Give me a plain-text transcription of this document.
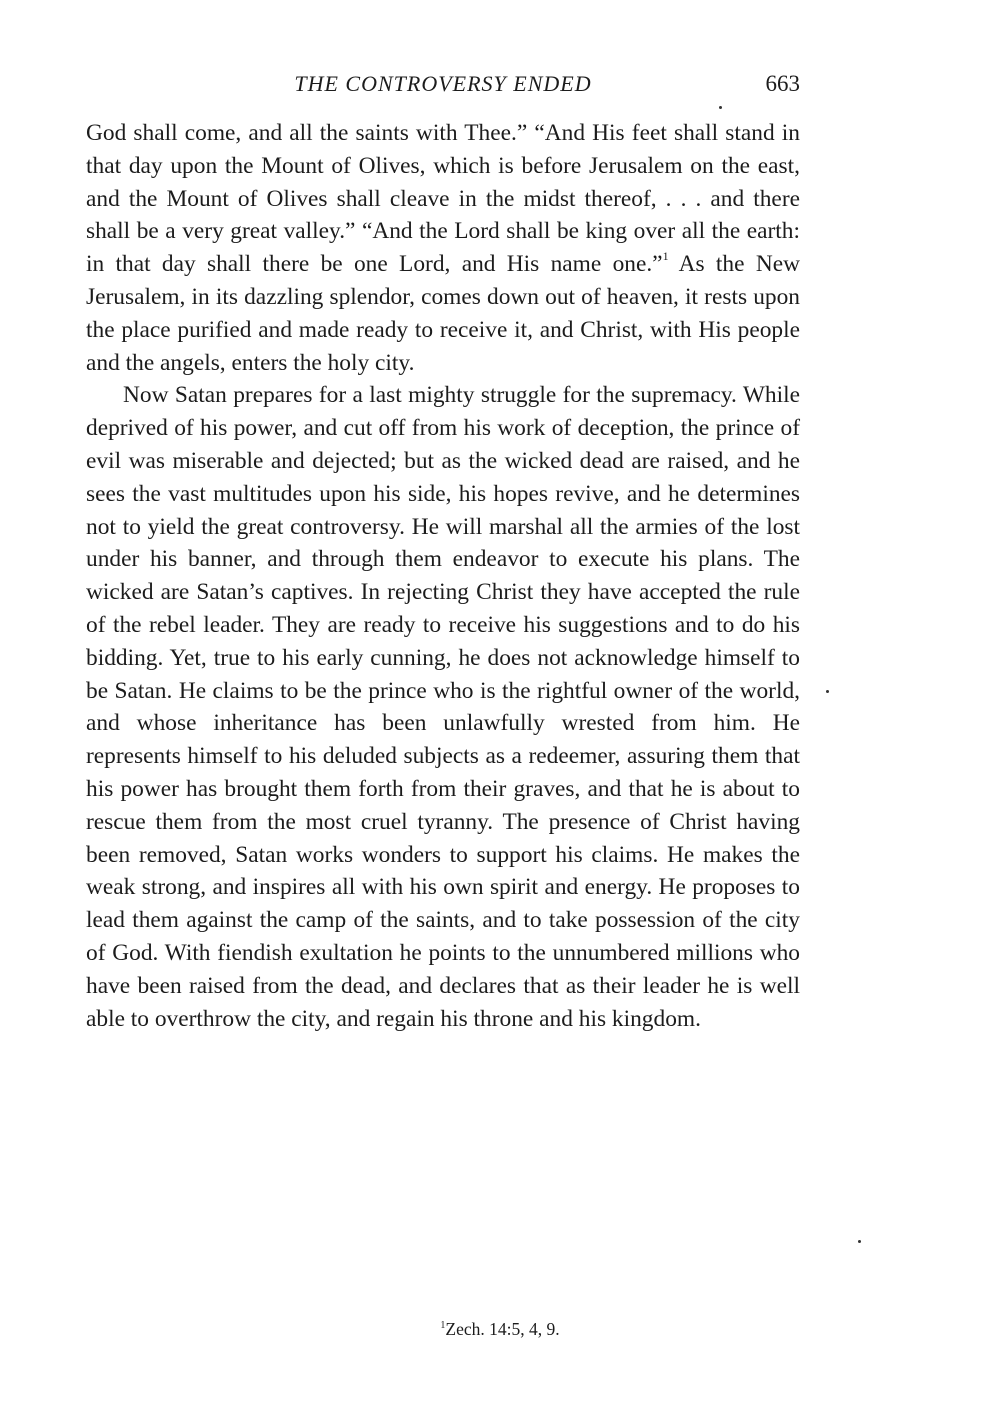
THE CONTROVERSY ENDED	663

God shall come, and all the saints with Thee.” “And His feet shall stand in that day upon the Mount of Olives, which is before Jerusalem on the east, and the Mount of Olives shall cleave in the midst thereof, . . . and there shall be a very great valley.” “And the Lord shall be king over all the earth: in that day shall there be one Lord, and His name one.”$^1$ As the New Jerusalem, in its dazzling splendor, comes down out of heaven, it rests upon the place purified and made ready to receive it, and Christ, with His people and the angels, enters the holy city.

Now Satan prepares for a last mighty struggle for the supremacy. While deprived of his power, and cut off from his work of deception, the prince of evil was miserable and dejected; but as the wicked dead are raised, and he sees the vast multitudes upon his side, his hopes revive, and he determines not to yield the great controversy. He will marshal all the armies of the lost under his banner, and through them endeavor to execute his plans. The wicked are Satan’s captives. In rejecting Christ they have accepted the rule of the rebel leader. They are ready to receive his suggestions and to do his bidding. Yet, true to his early cunning, he does not acknowledge himself to be Satan. He claims to be the prince who is the rightful owner of the world, and whose inheritance has been unlawfully wrested from him. He represents himself to his deluded subjects as a redeemer, assuring them that his power has brought them forth from their graves, and that he is about to rescue them from the most cruel tyranny. The presence of Christ having been removed, Satan works wonders to support his claims. He makes the weak strong, and inspires all with his own spirit and energy. He proposes to lead them against the camp of the saints, and to take possession of the city of God. With fiendish exultation he points to the unnumbered millions who have been raised from the dead, and declares that as their leader he is well able to overthrow the city, and regain his throne and his kingdom.

$^1$Zech. 14:5, 4, 9.
